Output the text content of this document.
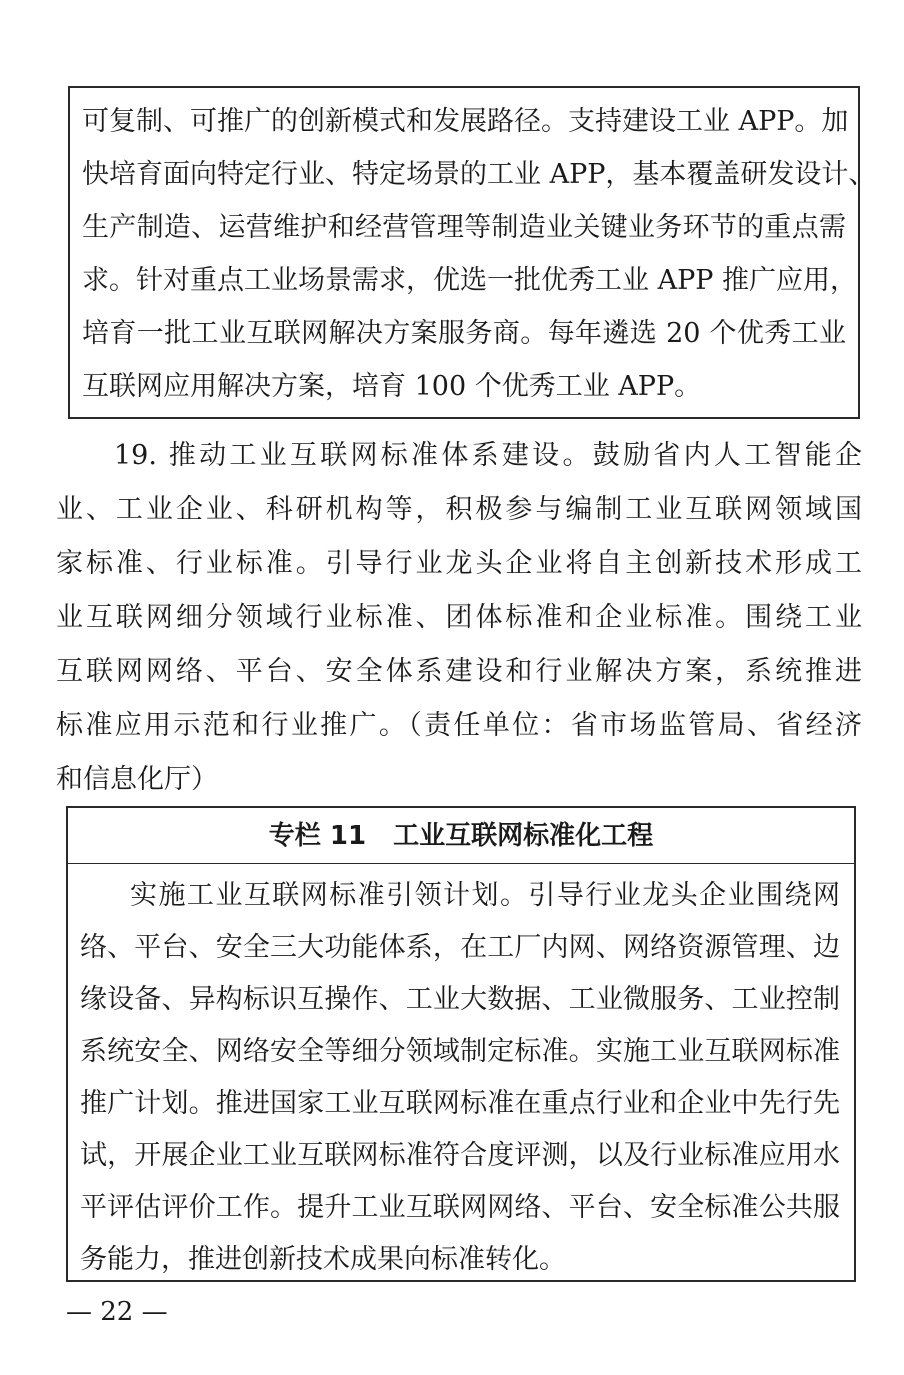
可复制、可推广的创新模式和发展路径。支持建设工业 APP。加
快培育面向特定行业、特定场景的工业 APP，基本覆盖研发设计、
生产制造、运营维护和经营管理等制造业关键业务环节的重点需
求。针对重点工业场景需求，优选一批优秀工业 APP 推广应用，
培育一批工业互联网解决方案服务商。每年遴选 20 个优秀工业
互联网应用解决方案，培育 100 个优秀工业 APP。
19. 推动工业互联网标准体系建设。鼓励省内人工智能企
业、工业企业、科研机构等，积极参与编制工业互联网领域国
家标准、行业标准。引导行业龙头企业将自主创新技术形成工
业互联网细分领域行业标准、团体标准和企业标准。围绕工业
互联网网络、平台、安全体系建设和行业解决方案，系统推进
标准应用示范和行业推广。（责任单位：省市场监管局、省经济
和信息化厅）
专栏 11   工业互联网标准化工程
实施工业互联网标准引领计划。引导行业龙头企业围绕网
络、平台、安全三大功能体系，在工厂内网、网络资源管理、边
缘设备、异构标识互操作、工业大数据、工业微服务、工业控制
系统安全、网络安全等细分领域制定标准。实施工业互联网标准
推广计划。推进国家工业互联网标准在重点行业和企业中先行先
试，开展企业工业互联网标准符合度评测，以及行业标准应用水
平评估评价工作。提升工业互联网网络、平台、安全标准公共服
务能力，推进创新技术成果向标准转化。
— 22 —
